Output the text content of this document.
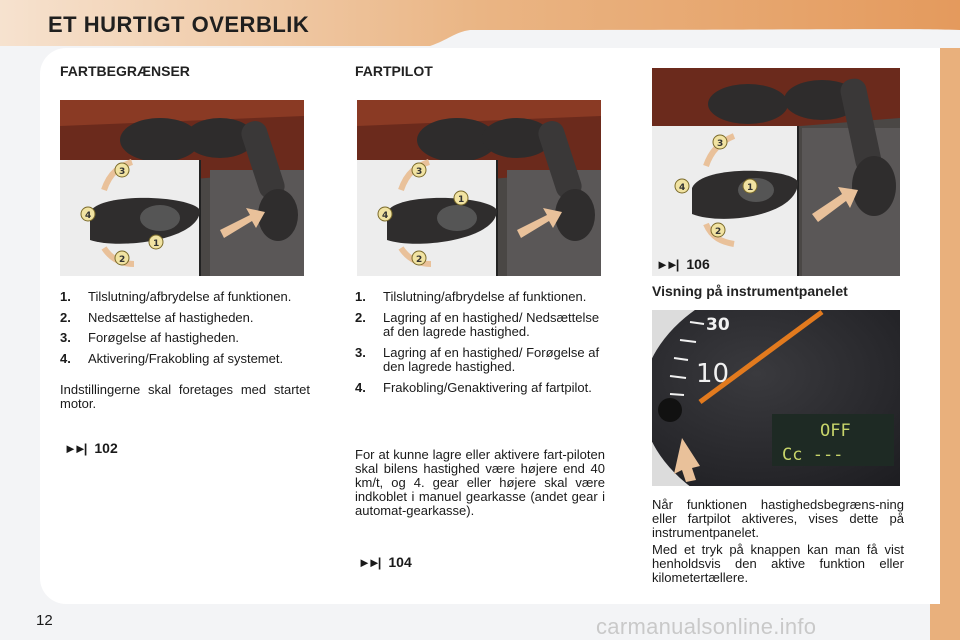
ET HURTIGT OVERBLIK
FARTBEGRÆNSER
3
4
1
2
1. Tilslutning/afbrydelse af funktionen.
2. Nedsættelse af hastigheden.
3. Forøgelse af hastigheden.
4. Aktivering/Frakobling af systemet.

Indstillingerne skal foretages med startet motor.

►►| 102
FARTPILOT
3
4
1
2
1. Tilslutning/afbrydelse af funktionen.
2. Lagring af en hastighed/ Nedsættelse af den lagrede hastighed.
3. Lagring af en hastighed/ Forøgelse af den lagrede hastighed.
4. Frakobling/Genaktivering af fartpilot.

For at kunne lagre eller aktivere fart-piloten skal bilens hastighed være højere end 40 km/t, og 4. gear eller højere skal være indkoblet i manuel gearkasse (andet gear i automat-gearkasse).

►►| 104
3
4	1
2
►►| 106
Visning på instrumentpanelet
30
10
OFF
Cc ---

Når funktionen hastighedsbegræns-ning eller fartpilot aktiveres, vises dette på instrumentpanelet.

Med et tryk på knappen kan man få vist henholdsvis den aktive funktion eller kilometertællere.

12	carmanualsonline.info
